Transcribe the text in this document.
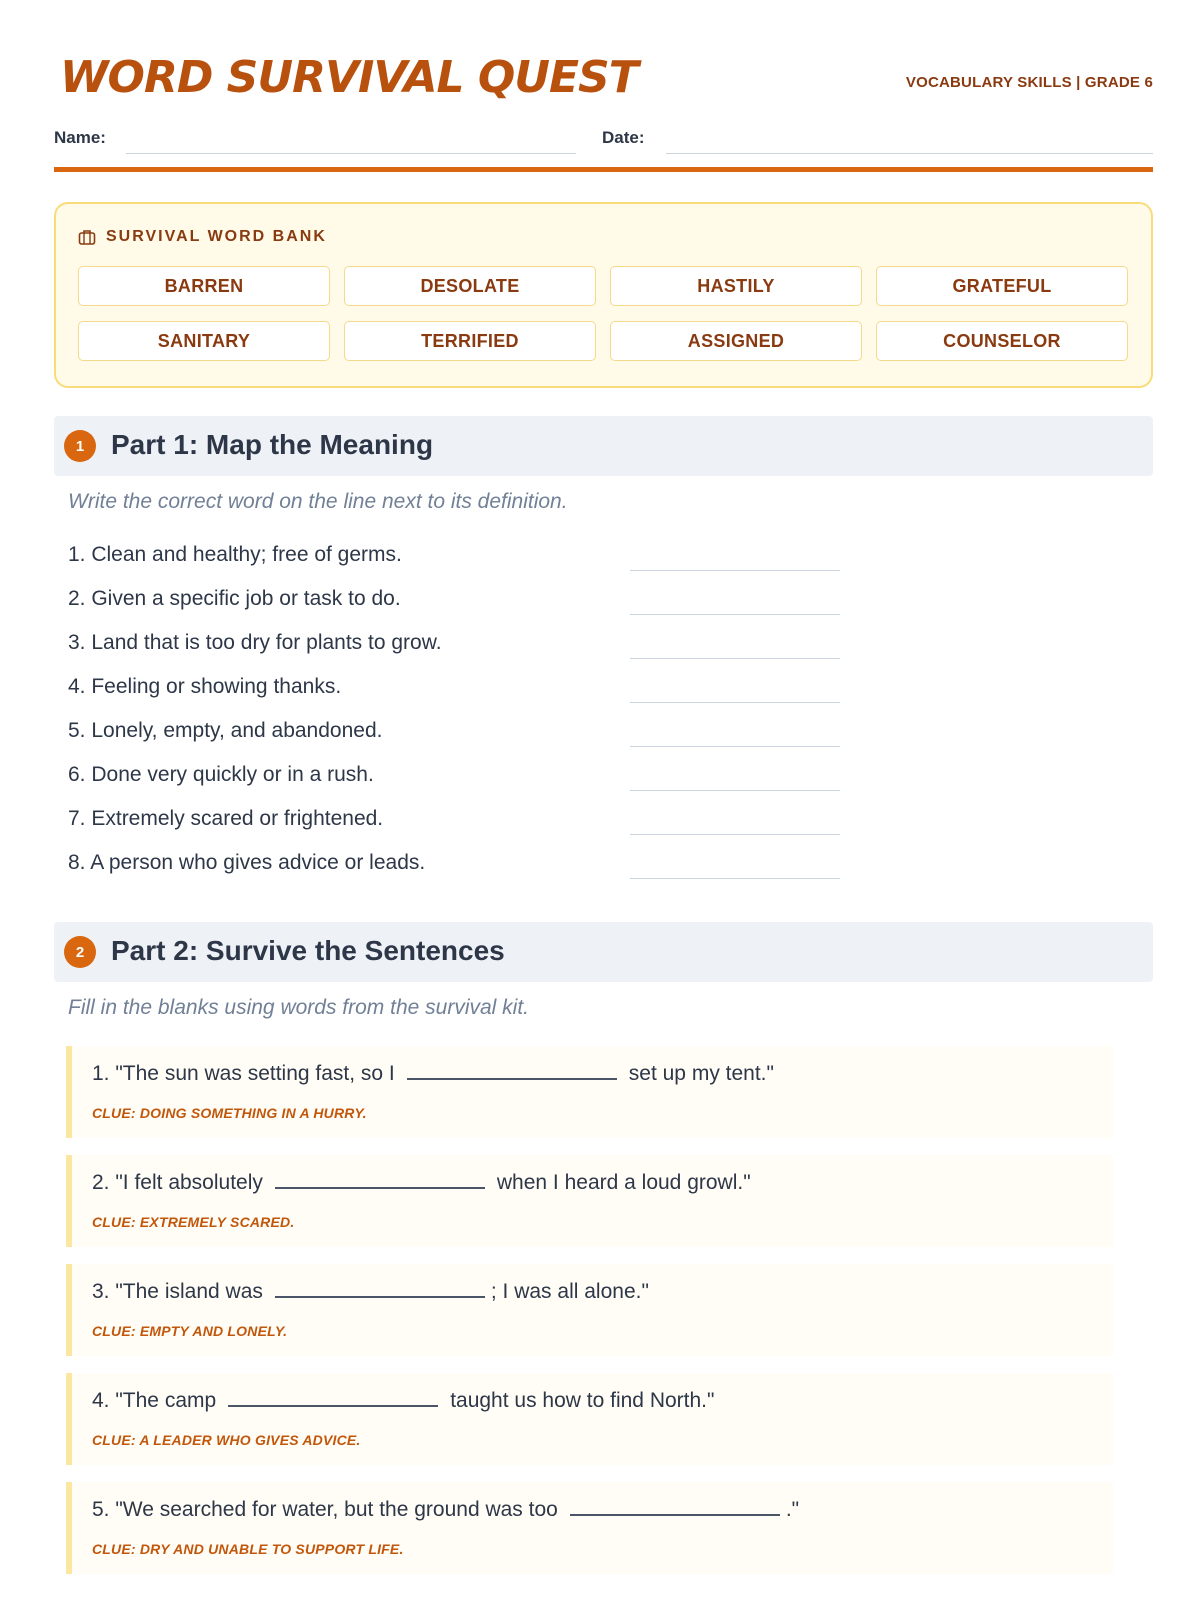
WORD SURVIVAL QUEST	VOCABULARY SKILLS | GRADE 6
Name:	Date:
SURVIVAL WORD BANK
BARREN	DESOLATE	HASTILY	GRATEFUL
SANITARY	TERRIFIED	ASSIGNED	COUNSELOR
1 Part 1: Map the Meaning
Write the correct word on the line next to its definition.
1. Clean and healthy; free of germs.
2. Given a specific job or task to do.
3. Land that is too dry for plants to grow.
4. Feeling or showing thanks.
5. Lonely, empty, and abandoned.
6. Done very quickly or in a rush.
7. Extremely scared or frightened.
8. A person who gives advice or leads.
2 Part 2: Survive the Sentences
Fill in the blanks using words from the survival kit.
1. "The sun was setting fast, so I	set up my tent."
CLUE: DOING SOMETHING IN A HURRY.
2. "I felt absolutely	when I heard a loud growl."
CLUE: EXTREMELY SCARED.
3. "The island was	; I was all alone."
CLUE: EMPTY AND LONELY.
4. "The camp	taught us how to find North."
CLUE: A LEADER WHO GIVES ADVICE.
5. "We searched for water, but the ground was too	."
CLUE: DRY AND UNABLE TO SUPPORT LIFE.
